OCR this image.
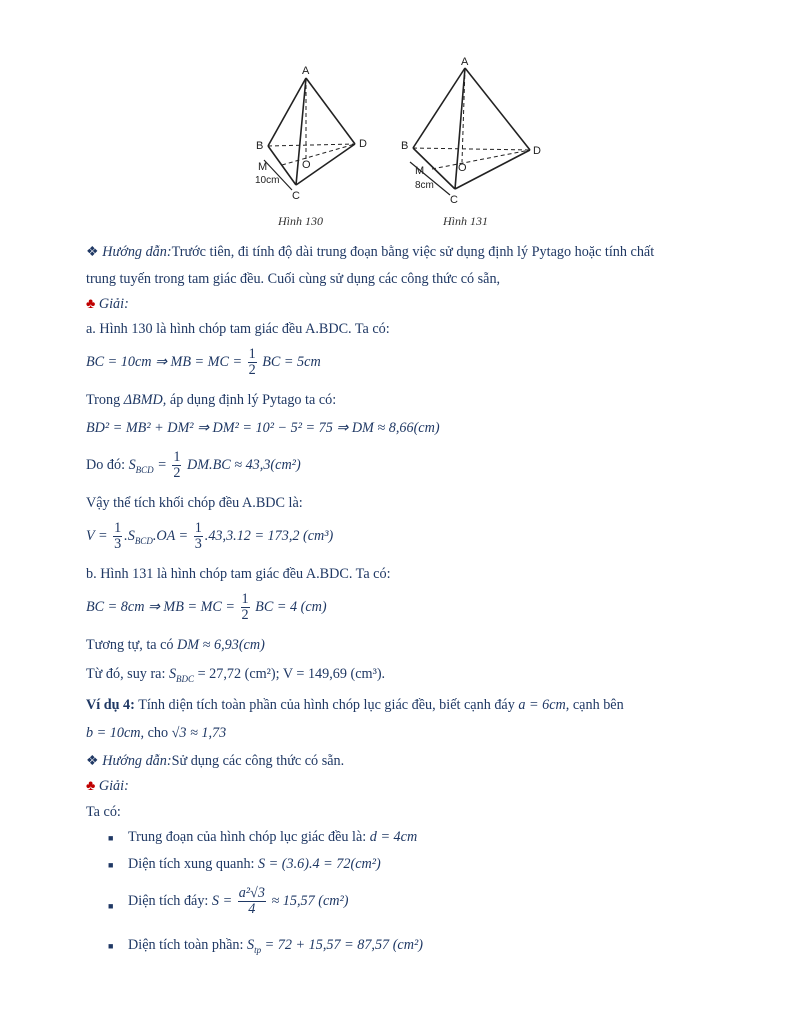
A
B	D
C
O
M
10cm
Hình 130
A
B	D
C
O
M
8cm
Hình 131
❖ Hướng dẫn:Trước tiên, đi tính độ dài trung đoạn bằng việc sử dụng định lý Pytago hoặc tính chất
trung tuyến trong tam giác đều. Cuối cùng sử dụng các công thức có sẵn,
♣ Giải:
a. Hình 130 là hình chóp tam giác đều A.BDC. Ta có:
BC = 10cm ⇒ MB = MC = $\frac{1}{2}$ BC = 5cm
Trong ΔBMD, áp dụng định lý Pytago ta có:
BD² = MB² + DM² ⇒ DM² = 10² − 5² = 75 ⇒ DM ≈ 8,66(cm)
Do đó: $S_{BCD} = \frac{1}{2} DM.BC \approx 43,3(cm^2)$
Vậy thể tích khối chóp đều A.BDC là:
$V = \frac{1}{3} .S_{BCD}.OA = \frac{1}{3} .43,3.12 = 173,2$ (cm³)
b. Hình 131 là hình chóp tam giác đều A.BDC. Ta có:
BC = 8cm ⇒ MB = MC = $\frac{1}{2}$ BC = 4 (cm)
Tương tự, ta có DM ≈ 6,93(cm)
Từ đó, suy ra: $S_{BDC} = 27,72$ (cm²); V = 149,69 (cm³).
Ví dụ 4: Tính diện tích toàn phần của hình chóp lục giác đều, biết cạnh đáy a = 6cm, cạnh bên
b = 10cm, cho √3 ≈ 1,73
❖ Hướng dẫn:Sử dụng các công thức có sẵn.
♣ Giải:
Ta có:
■ Trung đoạn của hình chóp lục giác đều là: d = 4cm
■ Diện tích xung quanh: S = (3.6).4 = 72(cm²)
■ Diện tích đáy: $S = \frac{\text{a²√3}}{4} \approx 15,57$ (cm²)
■ Diện tích toàn phần: $S_{tp} = 72 + 15,57 = 87,57$ (cm²)
